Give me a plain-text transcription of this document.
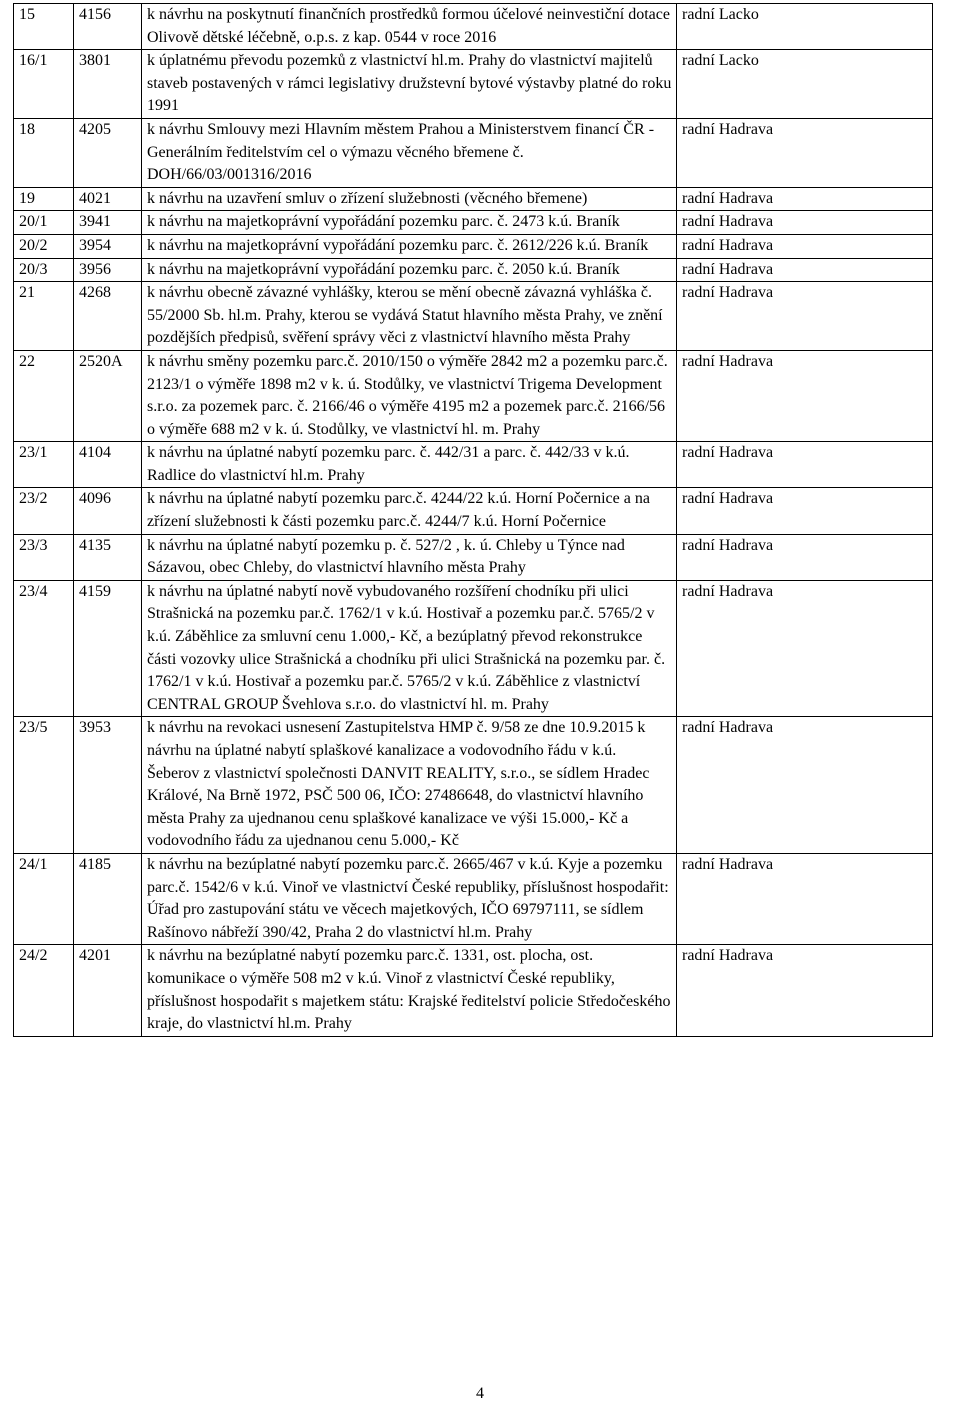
15	4156	k návrhu na poskytnutí finančních prostředků formou účelové neinvestiční dotace Olivově dětské léčebně, o.p.s. z kap. 0544 v roce 2016	radní Lacko
16/1	3801	k úplatnému převodu pozemků z vlastnictví hl.m. Prahy do vlastnictví majitelů staveb postavených v rámci legislativy družstevní bytové výstavby platné do roku 1991	radní Lacko
18	4205	k návrhu Smlouvy mezi Hlavním městem Prahou a Ministerstvem financí ČR - Generálním ředitelstvím cel o výmazu věcného břemene č. DOH/66/03/001316/2016	radní Hadrava
19	4021	k návrhu na uzavření smluv o zřízení služebnosti (věcného břemene)	radní Hadrava
20/1	3941	k návrhu na majetkoprávní vypořádání pozemku parc. č. 2473 k.ú. Braník	radní Hadrava
20/2	3954	k návrhu na majetkoprávní vypořádání pozemku parc. č. 2612/226 k.ú. Braník	radní Hadrava
20/3	3956	k návrhu na majetkoprávní vypořádání pozemku parc. č. 2050 k.ú. Braník	radní Hadrava
21	4268	k návrhu obecně závazné vyhlášky, kterou se mění obecně závazná vyhláška č. 55/2000 Sb. hl.m. Prahy, kterou se vydává Statut hlavního města Prahy, ve znění pozdějších předpisů, svěření správy věci z vlastnictví hlavního města Prahy	radní Hadrava
22	2520A	k návrhu směny pozemku parc.č. 2010/150 o výměře 2842 m2 a pozemku parc.č. 2123/1 o výměře 1898 m2 v k. ú. Stodůlky, ve vlastnictví Trigema Development s.r.o. za pozemek parc. č. 2166/46 o výměře 4195 m2 a pozemek parc.č. 2166/56 o výměře 688 m2 v k. ú. Stodůlky, ve vlastnictví hl. m. Prahy	radní Hadrava
23/1	4104	k návrhu na úplatné nabytí pozemku parc. č. 442/31 a parc. č. 442/33 v k.ú. Radlice do vlastnictví hl.m. Prahy	radní Hadrava
23/2	4096	k návrhu na úplatné nabytí pozemku parc.č. 4244/22 k.ú. Horní Počernice a na zřízení služebnosti k části pozemku parc.č. 4244/7 k.ú. Horní Počernice	radní Hadrava
23/3	4135	k návrhu na úplatné nabytí pozemku p. č. 527/2 , k. ú. Chleby u Týnce nad Sázavou, obec Chleby, do vlastnictví hlavního města Prahy	radní Hadrava
23/4	4159	k návrhu na úplatné nabytí nově vybudovaného rozšíření chodníku při ulici Strašnická na pozemku par.č. 1762/1 v k.ú. Hostivař a pozemku par.č. 5765/2 v k.ú. Záběhlice za smluvní cenu 1.000,- Kč, a bezúplatný převod rekonstrukce části vozovky ulice Strašnická a chodníku při ulici Strašnická na pozemku par. č. 1762/1 v k.ú. Hostivař a pozemku par.č. 5765/2 v k.ú. Záběhlice z vlastnictví CENTRAL GROUP Švehlova s.r.o. do vlastnictví hl. m. Prahy	radní Hadrava
23/5	3953	k návrhu na revokaci usnesení Zastupitelstva HMP č. 9/58 ze dne 10.9.2015 k návrhu na úplatné nabytí splaškové kanalizace a vodovodního řádu v k.ú. Šeberov z vlastnictví společnosti DANVIT REALITY, s.r.o., se sídlem Hradec Králové, Na Brně 1972, PSČ 500 06, IČO: 27486648, do vlastnictví hlavního města Prahy za ujednanou cenu splaškové kanalizace ve výši 15.000,- Kč a vodovodního řádu za ujednanou cenu 5.000,- Kč	radní Hadrava
24/1	4185	k návrhu na bezúplatné nabytí pozemku parc.č. 2665/467 v k.ú. Kyje a pozemku parc.č. 1542/6 v k.ú. Vinoř ve vlastnictví České republiky, příslušnost hospodařit: Úřad pro zastupování státu ve věcech majetkových, IČO 69797111, se sídlem Rašínovo nábřeží 390/42, Praha 2 do vlastnictví hl.m. Prahy	radní Hadrava
24/2	4201	k návrhu na bezúplatné nabytí pozemku parc.č. 1331, ost. plocha, ost. komunikace o výměře 508 m2 v k.ú. Vinoř z vlastnictví České republiky, příslušnost hospodařit s majetkem státu: Krajské ředitelství policie Středočeského kraje, do vlastnictví hl.m. Prahy	radní Hadrava
4
